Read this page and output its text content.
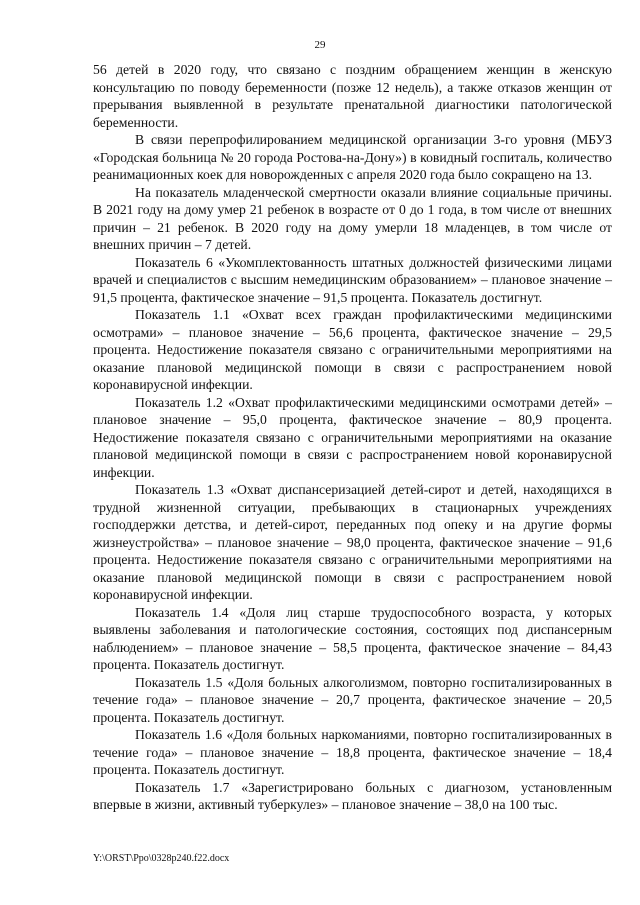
29

56 детей в 2020 году, что связано с поздним обращением женщин в женскую консультацию по поводу беременности (позже 12 недель), а также отказов женщин от прерывания выявленной в результате пренатальной диагностики патологической беременности.

В связи перепрофилированием медицинской организации 3-го уровня (МБУЗ «Городская больница № 20 города Ростова-на-Дону») в ковидный госпиталь, количество реанимационных коек для новорожденных с апреля 2020 года было сокращено на 13.

На показатель младенческой смертности оказали влияние социальные причины. В 2021 году на дому умер 21 ребенок в возрасте от 0 до 1 года, в том числе от внешних причин – 21 ребенок. В 2020 году на дому умерли 18 младенцев, в том числе от внешних причин – 7 детей.

Показатель 6 «Укомплектованность штатных должностей физическими лицами врачей и специалистов с высшим немедицинским образованием» – плановое значение – 91,5 процента, фактическое значение – 91,5 процента. Показатель достигнут.

Показатель 1.1 «Охват всех граждан профилактическими медицинскими осмотрами» – плановое значение – 56,6 процента, фактическое значение – 29,5 процента. Недостижение показателя связано с ограничительными мероприятиями на оказание плановой медицинской помощи в связи с распространением новой коронавирусной инфекции.

Показатель 1.2 «Охват профилактическими медицинскими осмотрами детей» – плановое значение – 95,0 процента, фактическое значение – 80,9 процента. Недостижение показателя связано с ограничительными мероприятиями на оказание плановой медицинской помощи в связи с распространением новой коронавирусной инфекции.

Показатель 1.3 «Охват диспансеризацией детей-сирот и детей, находящихся в трудной жизненной ситуации, пребывающих в стационарных учреждениях господдержки детства, и детей-сирот, переданных под опеку и на другие формы жизнеустройства» – плановое значение – 98,0 процента, фактическое значение – 91,6 процента. Недостижение показателя связано с ограничительными мероприятиями на оказание плановой медицинской помощи в связи с распространением новой коронавирусной инфекции.

Показатель 1.4 «Доля лиц старше трудоспособного возраста, у которых выявлены заболевания и патологические состояния, состоящих под диспансерным наблюдением» – плановое значение – 58,5 процента, фактическое значение – 84,43 процента. Показатель достигнут.

Показатель 1.5 «Доля больных алкоголизмом, повторно госпитализированных в течение года» – плановое значение – 20,7 процента, фактическое значение – 20,5 процента. Показатель достигнут.

Показатель 1.6 «Доля больных наркоманиями, повторно госпитализированных в течение года» – плановое значение – 18,8 процента, фактическое значение – 18,4 процента. Показатель достигнут.

Показатель 1.7 «Зарегистрировано больных с диагнозом, установленным впервые в жизни, активный туберкулез» – плановое значение – 38,0 на 100 тыс.

Y:\ORST\Ppo\0328p240.f22.docx
